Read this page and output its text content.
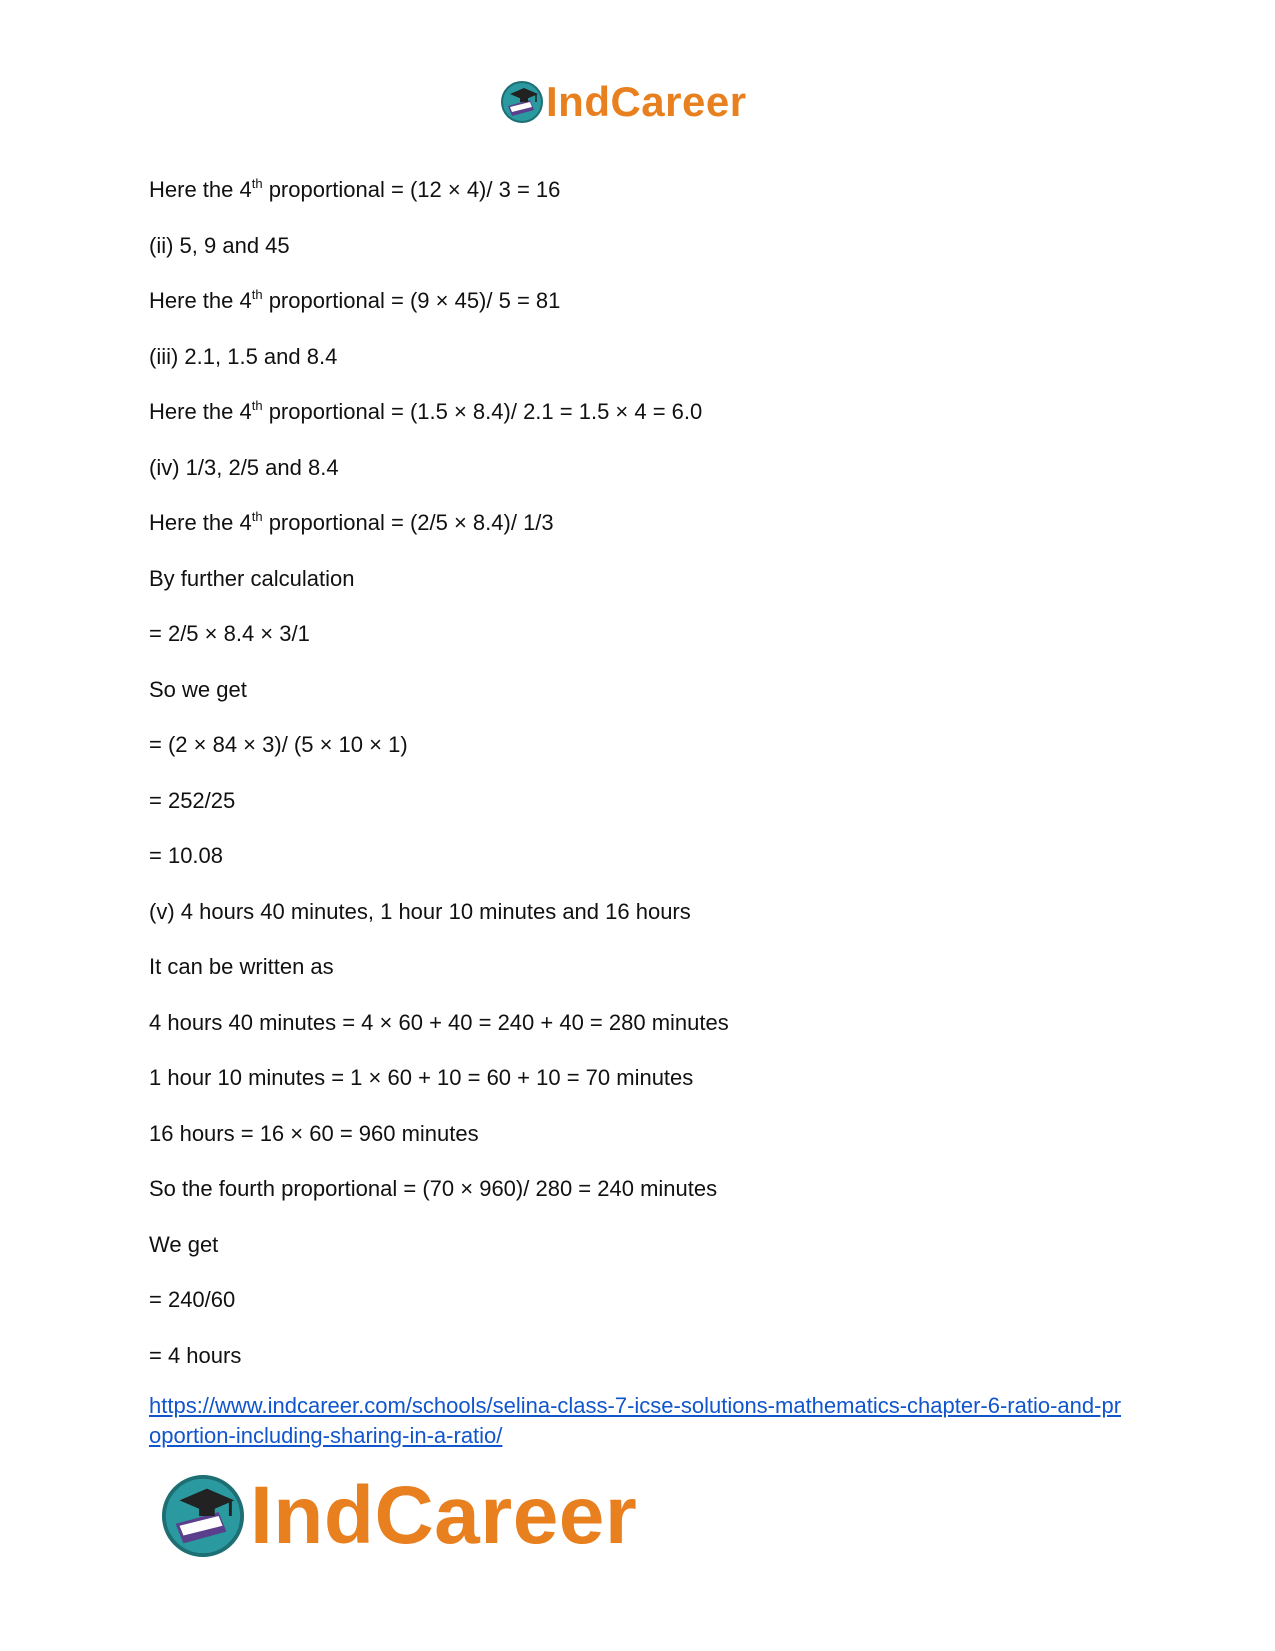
IndCareer
Here the 4th proportional = (12 × 4)/ 3 = 16
(ii) 5, 9 and 45
Here the 4th proportional = (9 × 45)/ 5 = 81
(iii) 2.1, 1.5 and 8.4
Here the 4th proportional = (1.5 × 8.4)/ 2.1 = 1.5 × 4 = 6.0
(iv) 1/3, 2/5 and 8.4
Here the 4th proportional = (2/5 × 8.4)/ 1/3
By further calculation
= 2/5 × 8.4 × 3/1
So we get
= (2 × 84 × 3)/ (5 × 10 × 1)
= 252/25
= 10.08
(v) 4 hours 40 minutes, 1 hour 10 minutes and 16 hours
It can be written as
4 hours 40 minutes = 4 × 60 + 40 = 240 + 40 = 280 minutes
1 hour 10 minutes = 1 × 60 + 10 = 60 + 10 = 70 minutes
16 hours = 16 × 60 = 960 minutes
So the fourth proportional = (70 × 960)/ 280 = 240 minutes
We get
= 240/60
= 4 hours
https://www.indcareer.com/schools/selina-class-7-icse-solutions-mathematics-chapter-6-ratio-and-proportion-including-sharing-in-a-ratio/
IndCareer
